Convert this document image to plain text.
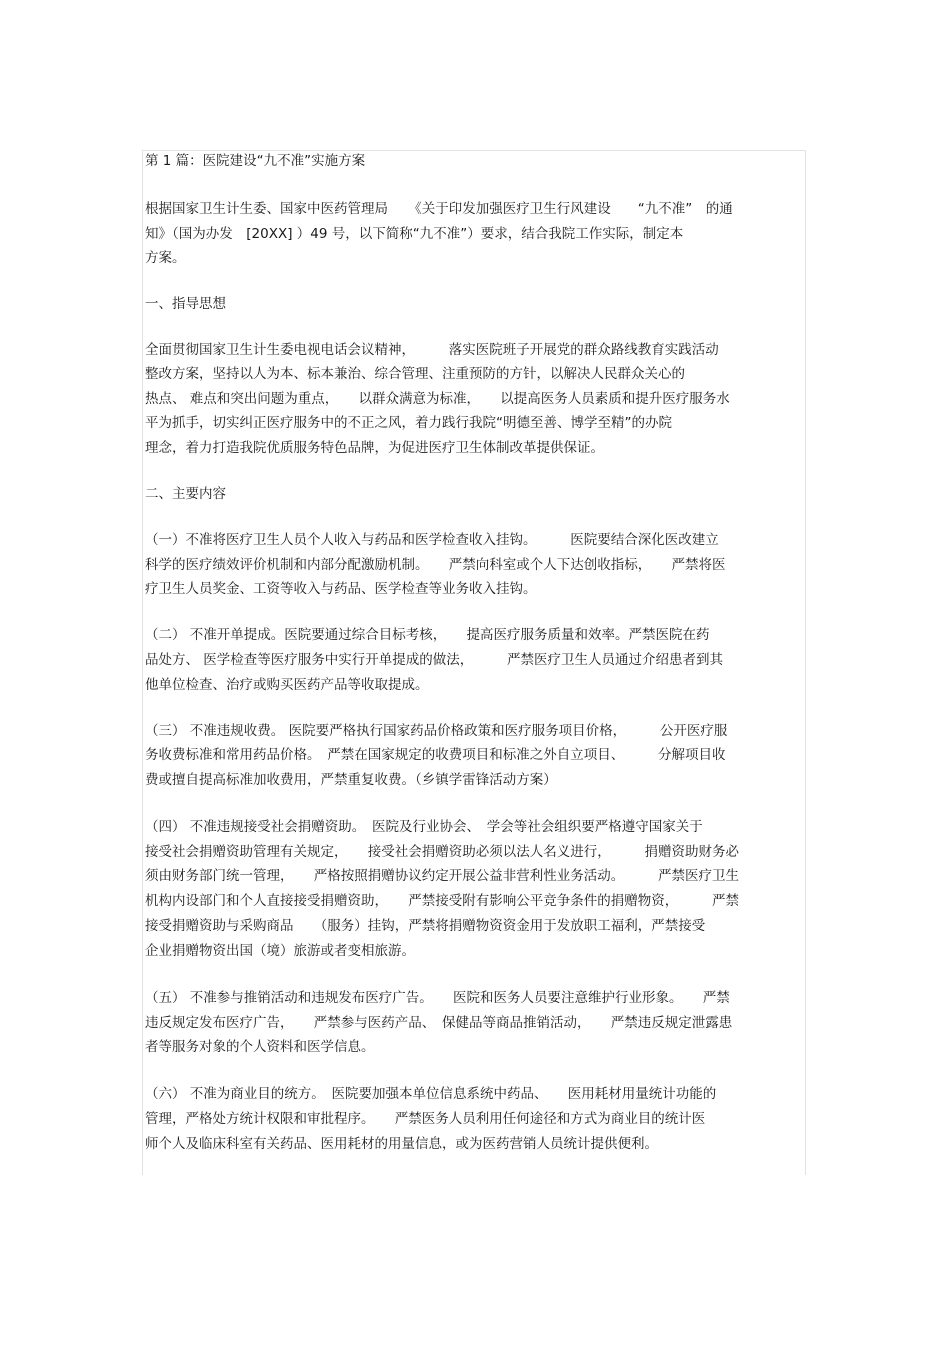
第 1 篇：医院建设“九不准”实施方案
根据国家卫生计生委、国家中医药管理局　　《关于印发加强医疗卫生行风建设　　“九不准”　的通
知》（国为办发　[20XX] ）49 号，以下简称“九不准”）要求，结合我院工作实际，制定本
方案。
一、指导思想
全面贯彻国家卫生计生委电视电话会议精神，　　　落实医院班子开展党的群众路线教育实践活动
整改方案，坚持以人为本、标本兼治、综合管理、注重预防的方针，以解决人民群众关心的
热点、 难点和突出问题为重点，　　以群众满意为标准，　　以提高医务人员素质和提升医疗服务水
平为抓手，切实纠正医疗服务中的不正之风，着力践行我院“明德至善、博学至精”的办院
理念，着力打造我院优质服务特色品牌，为促进医疗卫生体制改革提供保证。
二、主要内容
（一）不准将医疗卫生人员个人收入与药品和医学检查收入挂钩。　　　医院要结合深化医改建立
科学的医疗绩效评价机制和内部分配激励机制。　　严禁向科室或个人下达创收指标，　　严禁将医
疗卫生人员奖金、工资等收入与药品、医学检查等业务收入挂钩。
（二） 不准开单提成。医院要通过综合目标考核，　　提高医疗服务质量和效率。严禁医院在药
品处方、 医学检查等医疗服务中实行开单提成的做法，　　　严禁医疗卫生人员通过介绍患者到其
他单位检查、治疗或购买医药产品等收取提成。
（三） 不准违规收费。 医院要严格执行国家药品价格政策和医疗服务项目价格，　　　公开医疗服
务收费标准和常用药品价格。　严禁在国家规定的收费项目和标准之外自立项目、　　　分解项目收
费或擅自提高标准加收费用，严禁重复收费。（乡镇学雷锋活动方案）
（四） 不准违规接受社会捐赠资助。　医院及行业协会、　学会等社会组织要严格遵守国家关于
接受社会捐赠资助管理有关规定，　　接受社会捐赠资助必须以法人名义进行，　　　捐赠资助财务必
须由财务部门统一管理，　　严格按照捐赠协议约定开展公益非营利性业务活动。　　　严禁医疗卫生
机构内设部门和个人直接接受捐赠资助，　　严禁接受附有影响公平竞争条件的捐赠物资，　　　严禁
接受捐赠资助与采购商品　　（服务）挂钩，严禁将捐赠物资资金用于发放职工福利，严禁接受
企业捐赠物资出国（境）旅游或者变相旅游。
（五） 不准参与推销活动和违规发布医疗广告。　　医院和医务人员要注意维护行业形象。　　严禁
违反规定发布医疗广告，　　严禁参与医药产品、　保健品等商品推销活动，　　严禁违反规定泄露患
者等服务对象的个人资料和医学信息。
（六） 不准为商业目的统方。　医院要加强本单位信息系统中药品、　　医用耗材用量统计功能的
管理，严格处方统计权限和审批程序。　　严禁医务人员利用任何途径和方式为商业目的统计医
师个人及临床科室有关药品、医用耗材的用量信息，或为医药营销人员统计提供便利。
